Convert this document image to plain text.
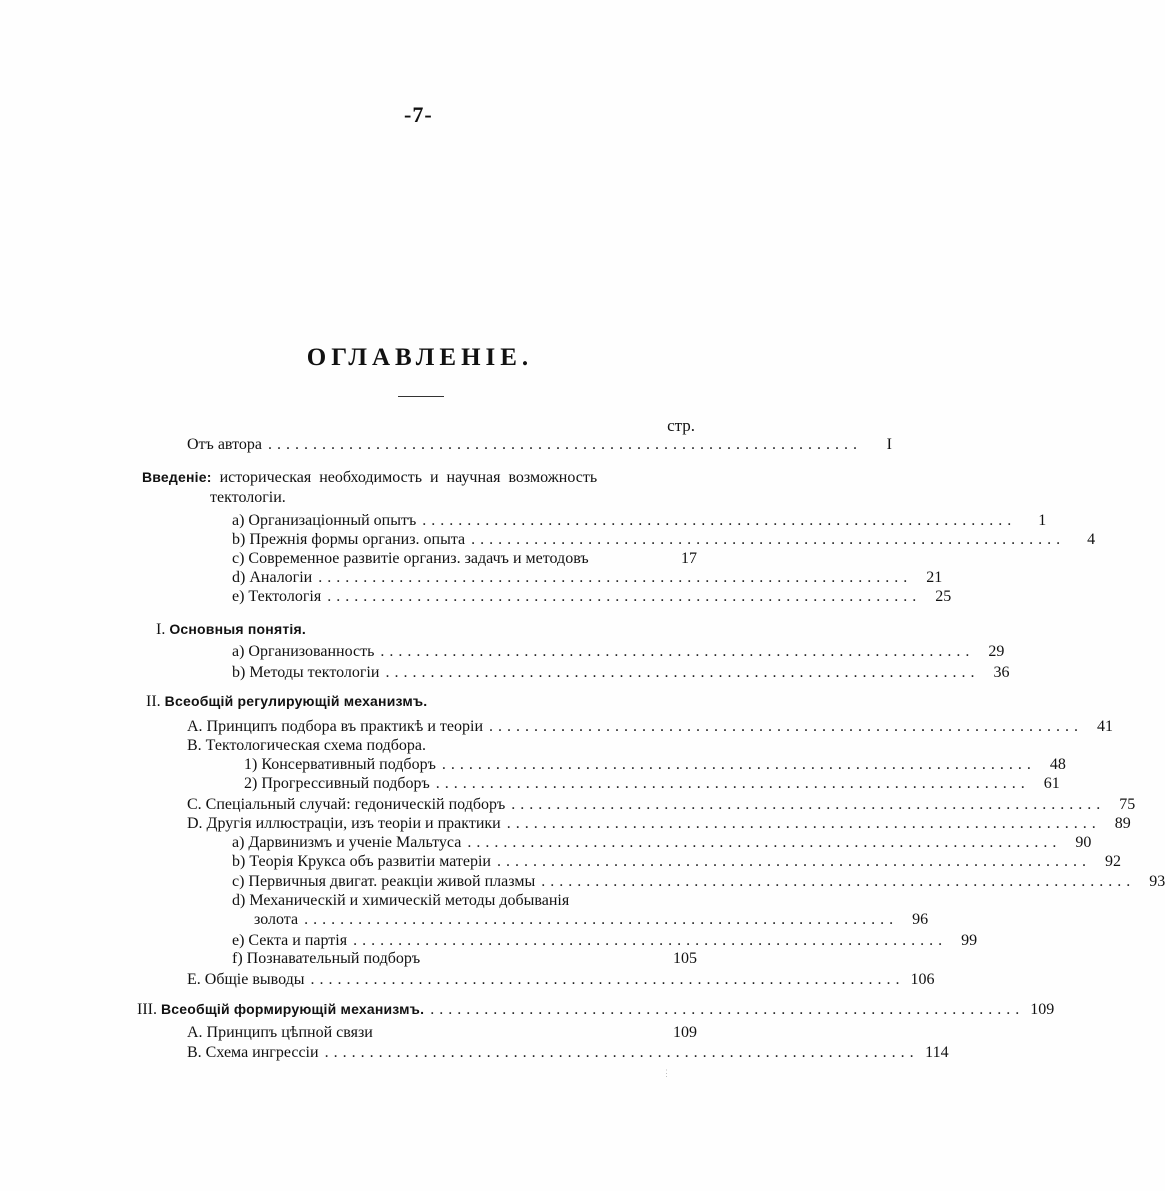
-7-
ОГЛАВЛЕНІЕ.
стр.
Отъ автора ..................................................................	I
Введеніе: историческая необходимость и научная возможность
тектологіи.
a) Организаціонный опытъ ..................................................................	1
b) Прежнія формы организ. опыта ..................................................................	4
c) Современное развитіе организ. задачъ и методовъ	17
d) Аналогіи .................................................................. 21
e) Тектологія .................................................................. 25
I. Основныя понятія.
a) Организованность .................................................................. 29
b) Методы тектологіи .................................................................. 36
II. Всеобщій регулирующій механизмъ.
A. Принципъ подбора въ практикѣ и теоріи .................................................................. 41
B. Тектологическая схема подбора.
1) Консервативный подборъ .................................................................. 48
2) Прогрессивный подборъ .................................................................. 61
C. Спеціальный случай: гедоническій подборъ .................................................................. 75
D. Другія иллюстраціи, изъ теоріи и практики .................................................................. 89
a) Дарвинизмъ и ученіе Мальтуса .................................................................. 90
b) Теорія Крукса объ развитіи матеріи .................................................................. 92
c) Первичныя двигат. реакціи живой плазмы .................................................................. 93
d) Механическій и химическій методы добыванія
золота .................................................................. 96
e) Секта и партія .................................................................. 99
f) Познавательный подборъ	105
E. Общіе выводы .................................................................. 106
III. Всеобщій формирующій механизмъ. .................................................................. 109
A. Принципъ цѣпной связи	109
B. Схема ингрессіи .................................................................. 114
⋮
